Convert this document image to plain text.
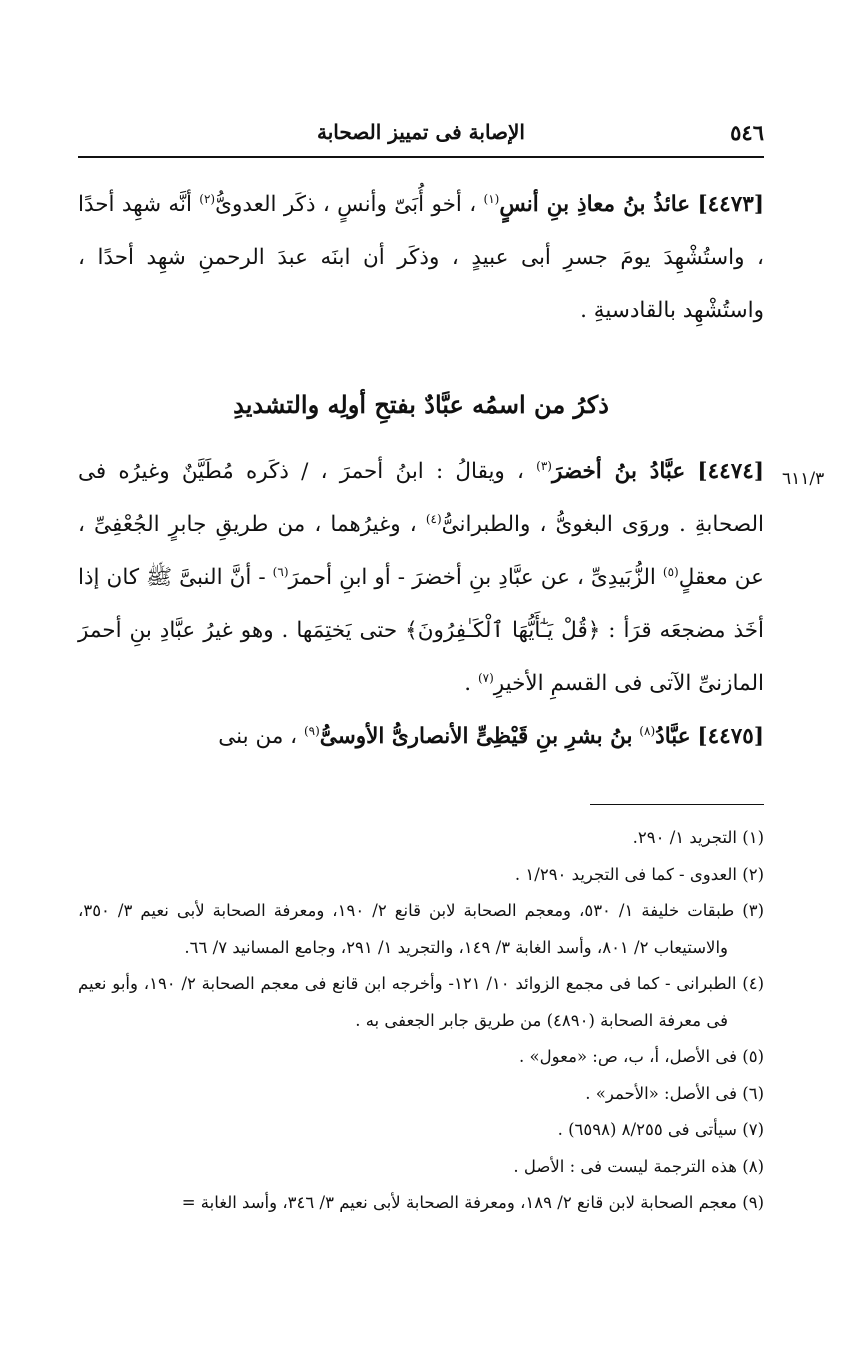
٥٤٦
الإصابة فى تمييز الصحابة
٦١١/٣

[٤٤٧٣] عائذُ بنُ معاذِ بنِ أنسٍ$^{(١)}$ ، أخو أُبَىّ وأنسٍ ، ذكَر العدوىُّ$^{(٢)}$ أنَّه شهِد أحدًا ، واستُشْهِدَ يومَ جسرِ أبى عبيدٍ ، وذكَر أن ابنَه عبدَ الرحمنِ شهِد أحدًا ، واستُشْهِد بالقادسيةِ .

ذكرُ من اسمُه عبَّادٌ بفتحِ أولِه والتشديدِ

[٤٤٧٤] عبَّادُ بنُ أخضرَ$^{(٣)}$ ، ويقالُ : ابنُ أحمرَ ، / ذكَره مُطَيَّنٌ وغيرُه فى الصحابةِ . وروَى البغوىُّ ، والطبرانىُّ$^{(٤)}$ ، وغيرُهما ، من طريقِ جابرٍ الجُعْفِىِّ ، عن معقلٍ$^{(٥)}$ الزُّبَيدِىِّ ، عن عبَّادِ بنِ أخضرَ - أو ابنِ أحمرَ$^{(٦)}$ - أنَّ النبىَّ ﷺ كان إذا أخَذ مضجعَه قرَأ : ﴿قُلْ يَـٰٓأَيُّهَا ٱلْكَـٰفِرُونَ﴾ حتى يَختِمَها . وهو غيرُ عبَّادِ بنِ أحمرَ المازنىِّ الآتى فى القسمِ الأخيرِ$^{(٧)}$ .

[٤٤٧٥] عبَّادُ$^{(٨)}$ بنُ بشرِ بنِ قَيْظِىٍّ الأنصارىُّ الأوسىُّ$^{(٩)}$ ، من بنى

(١) التجريد ١/ ٢٩٠.

(٢) العدوى - كما فى التجريد ١/٢٩٠ .

(٣) طبقات خليفة ١/ ٥٣٠، ومعجم الصحابة لابن قانع ٢/ ١٩٠، ومعرفة الصحابة لأبى نعيم ٣/ ٣٥٠، والاستيعاب ٢/ ٨٠١، وأسد الغابة ٣/ ١٤٩، والتجريد ١/ ٢٩١، وجامع المسانيد ٧/ ٦٦.

(٤) الطبرانى - كما فى مجمع الزوائد ١٠/ ١٢١- وأخرجه ابن قانع فى معجم الصحابة ٢/ ١٩٠، وأبو نعيم فى معرفة الصحابة (٤٨٩٠) من طريق جابر الجعفى به .

(٥) فى الأصل، أ، ب، ص: «معول» .

(٦) فى الأصل: «الأحمر» .

(٧) سيأتى فى ٨/٢٥٥ (٦٥٩٨) .

(٨) هذه الترجمة ليست فى : الأصل .

(٩) معجم الصحابة لابن قانع ٢/ ١٨٩، ومعرفة الصحابة لأبى نعيم ٣/ ٣٤٦، وأسد الغابة =
